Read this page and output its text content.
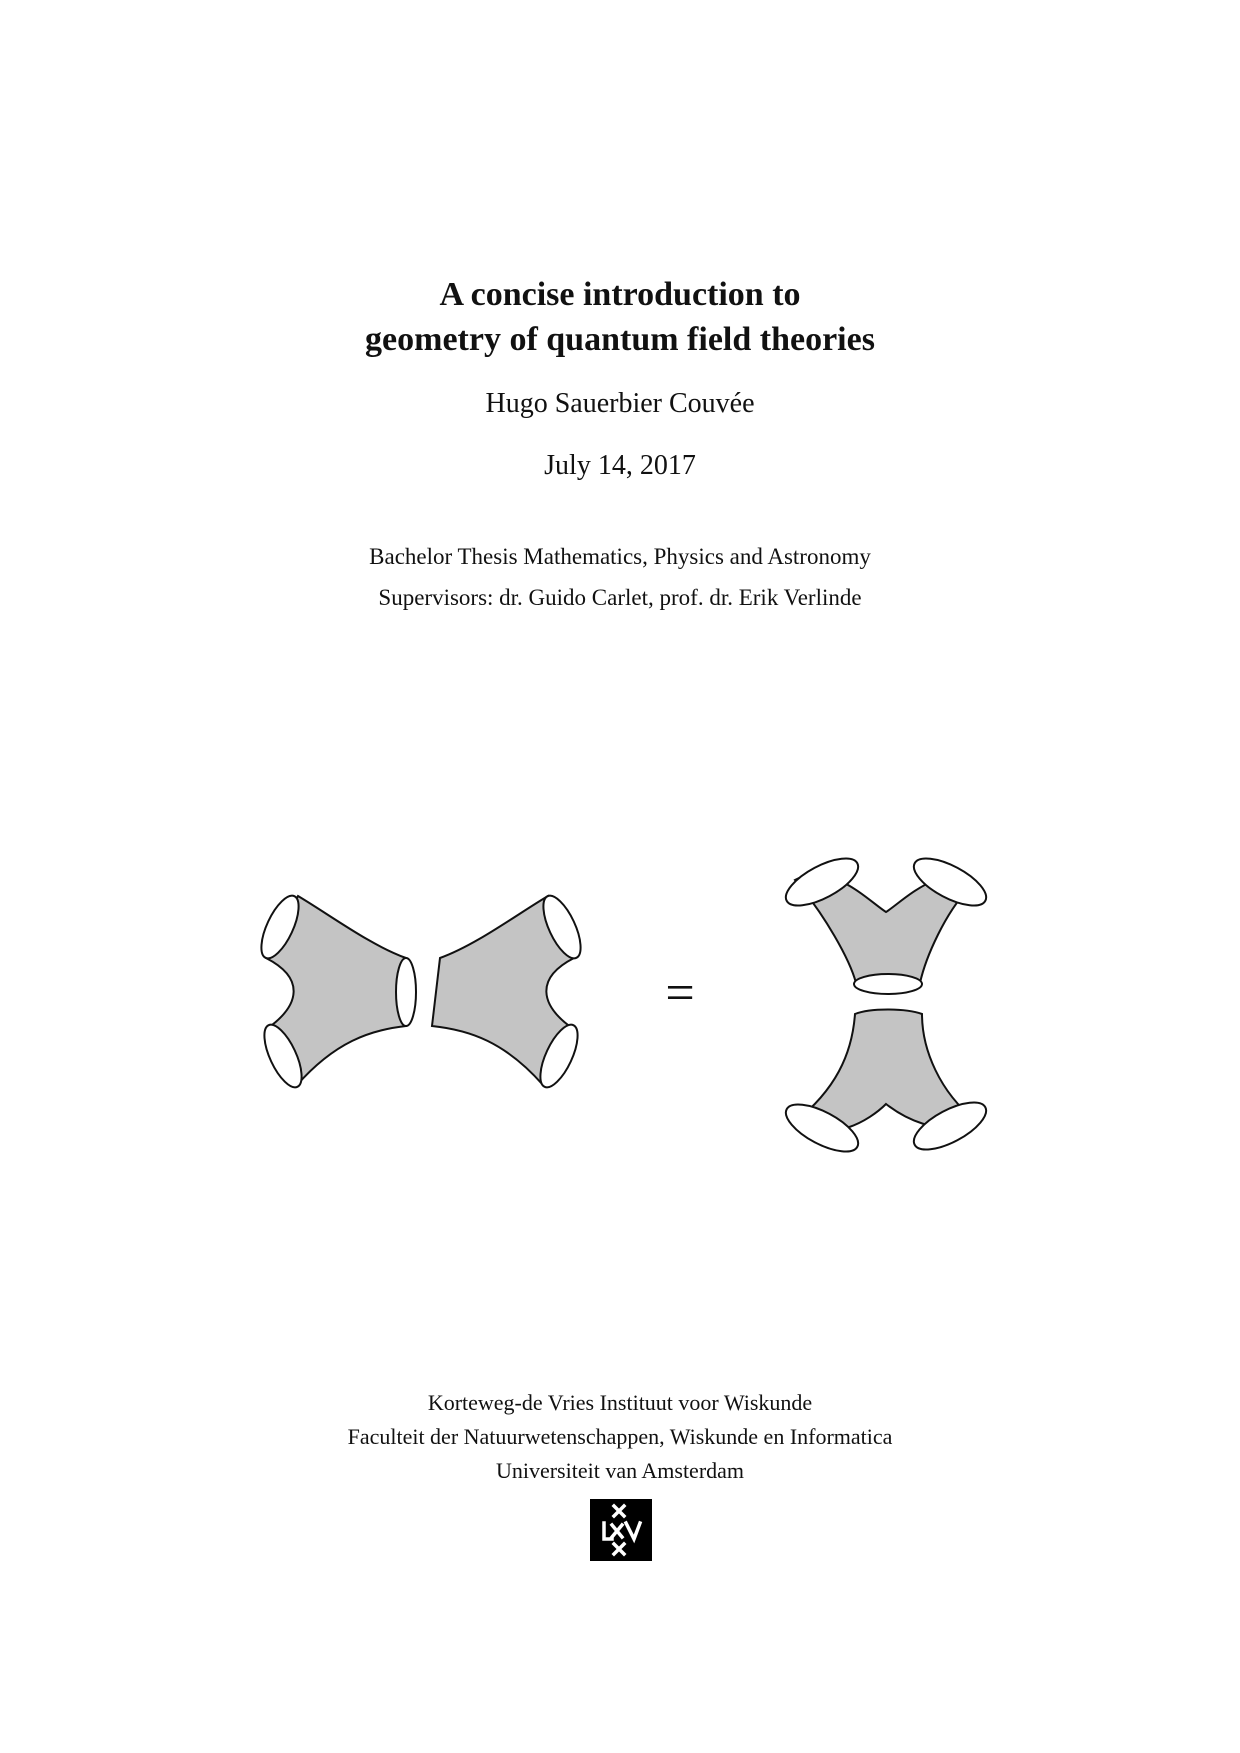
A concise introduction to
geometry of quantum field theories
Hugo Sauerbier Couvée
July 14, 2017
Bachelor Thesis Mathematics, Physics and Astronomy
Supervisors: dr. Guido Carlet, prof. dr. Erik Verlinde
=
Korteweg-de Vries Instituut voor Wiskunde
Faculteit der Natuurwetenschappen, Wiskunde en Informatica
Universiteit van Amsterdam
